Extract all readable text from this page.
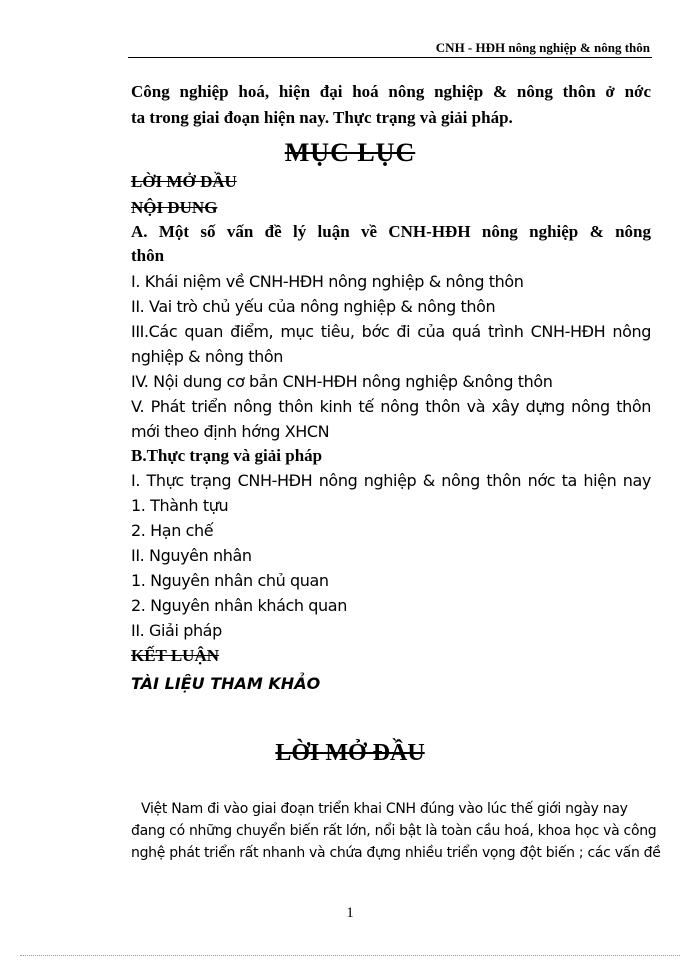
CNH - HĐH nông nghiệp & nông thôn
Công nghiệp hoá, hiện đại hoá nông nghiệp & nông thôn ở nớc
ta trong giai đoạn hiện nay. Thực trạng và giải pháp.
MỤC LỤC
LỜI MỞ ĐẦU
NỘI DUNG
A. Một số vấn đề lý luận về CNH-HĐH nông nghiệp & nông
thôn
I. Khái niệm về CNH-HĐH nông nghiệp & nông thôn
II. Vai trò chủ yếu của nông nghiệp & nông thôn
III.Các quan điểm, mục tiêu, bớc đi của quá trình CNH-HĐH nông
nghiệp & nông thôn
IV. Nội dung cơ bản CNH-HĐH nông nghiệp &nông thôn
V. Phát triển nông thôn kinh tế nông thôn và xây dựng nông thôn
mới theo định hớng XHCN
B.Thực trạng và giải pháp
I. Thực trạng CNH-HĐH nông nghiệp & nông thôn nớc ta hiện nay
1. Thành tựu
2. Hạn chế
II. Nguyên nhân
1. Nguyên nhân chủ quan
2. Nguyên nhân khách quan
II. Giải pháp
KẾT LUẬN
TÀI LIỆU THAM KHẢO
LỜI MỞ ĐẦU
Việt Nam đi vào giai đoạn triển khai CNH đúng vào lúc thế giới ngày nay
đang có những chuyển biến rất lớn, nổi bật là toàn cầu hoá, khoa học và công
nghệ phát triển rất nhanh và chứa đựng nhiều triển vọng đột biến ; các vấn đề
1
